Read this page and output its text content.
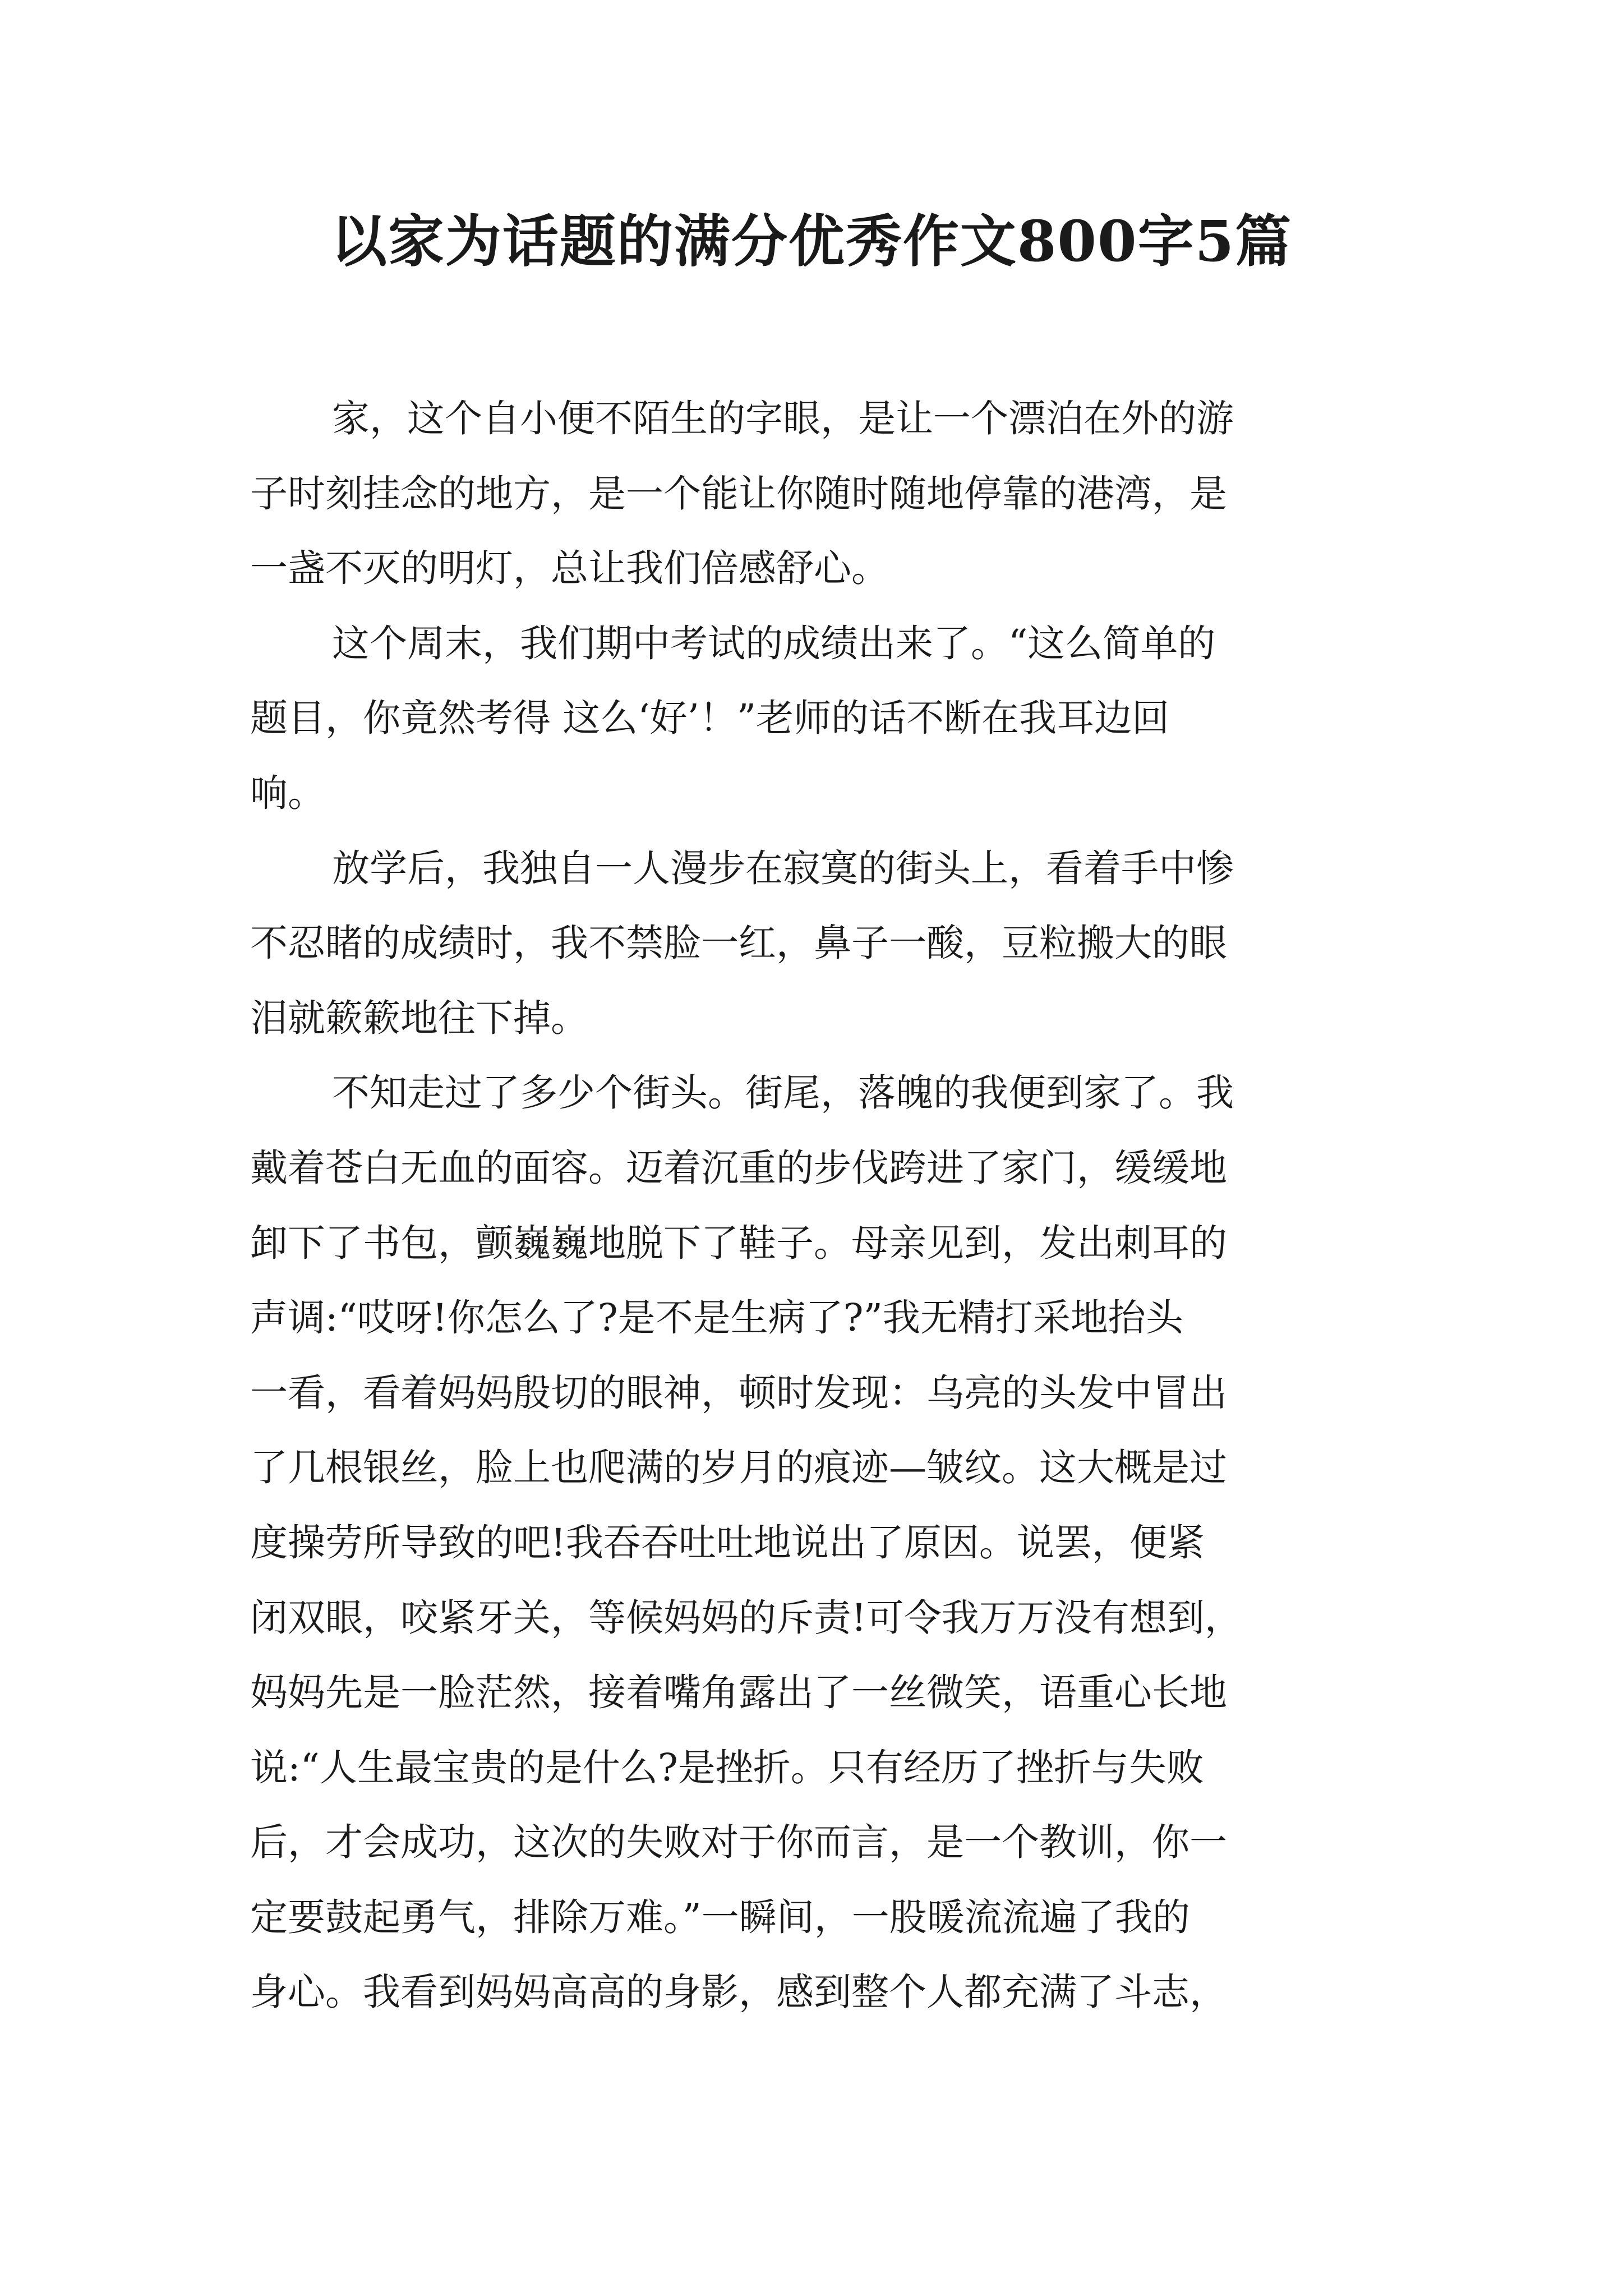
以家为话题的满分优秀作文800字5篇
家，这个自小便不陌生的字眼，是让一个漂泊在外的游
子时刻挂念的地方，是一个能让你随时随地停靠的港湾，是
一盏不灭的明灯，总让我们倍感舒心。
这个周末，我们期中考试的成绩出来了。“这么简单的
题目，你竟然考得 这么‘好’！”老师的话不断在我耳边回
响。
放学后，我独自一人漫步在寂寞的街头上，看着手中惨
不忍睹的成绩时，我不禁脸一红，鼻子一酸，豆粒搬大的眼
泪就簌簌地往下掉。
不知走过了多少个街头。街尾，落魄的我便到家了。我
戴着苍白无血的面容。迈着沉重的步伐跨进了家门，缓缓地
卸下了书包，颤巍巍地脱下了鞋子。母亲见到，发出刺耳的
声调:“哎呀!你怎么了?是不是生病了?”我无精打采地抬头
一看，看着妈妈殷切的眼神，顿时发现：乌亮的头发中冒出
了几根银丝，脸上也爬满的岁月的痕迹—皱纹。这大概是过
度操劳所导致的吧!我吞吞吐吐地说出了原因。说罢，便紧
闭双眼，咬紧牙关，等候妈妈的斥责!可令我万万没有想到，
妈妈先是一脸茫然，接着嘴角露出了一丝微笑，语重心长地
说:“人生最宝贵的是什么?是挫折。只有经历了挫折与失败
后，才会成功，这次的失败对于你而言，是一个教训，你一
定要鼓起勇气，排除万难。”一瞬间，一股暖流流遍了我的
身心。我看到妈妈高高的身影，感到整个人都充满了斗志，
